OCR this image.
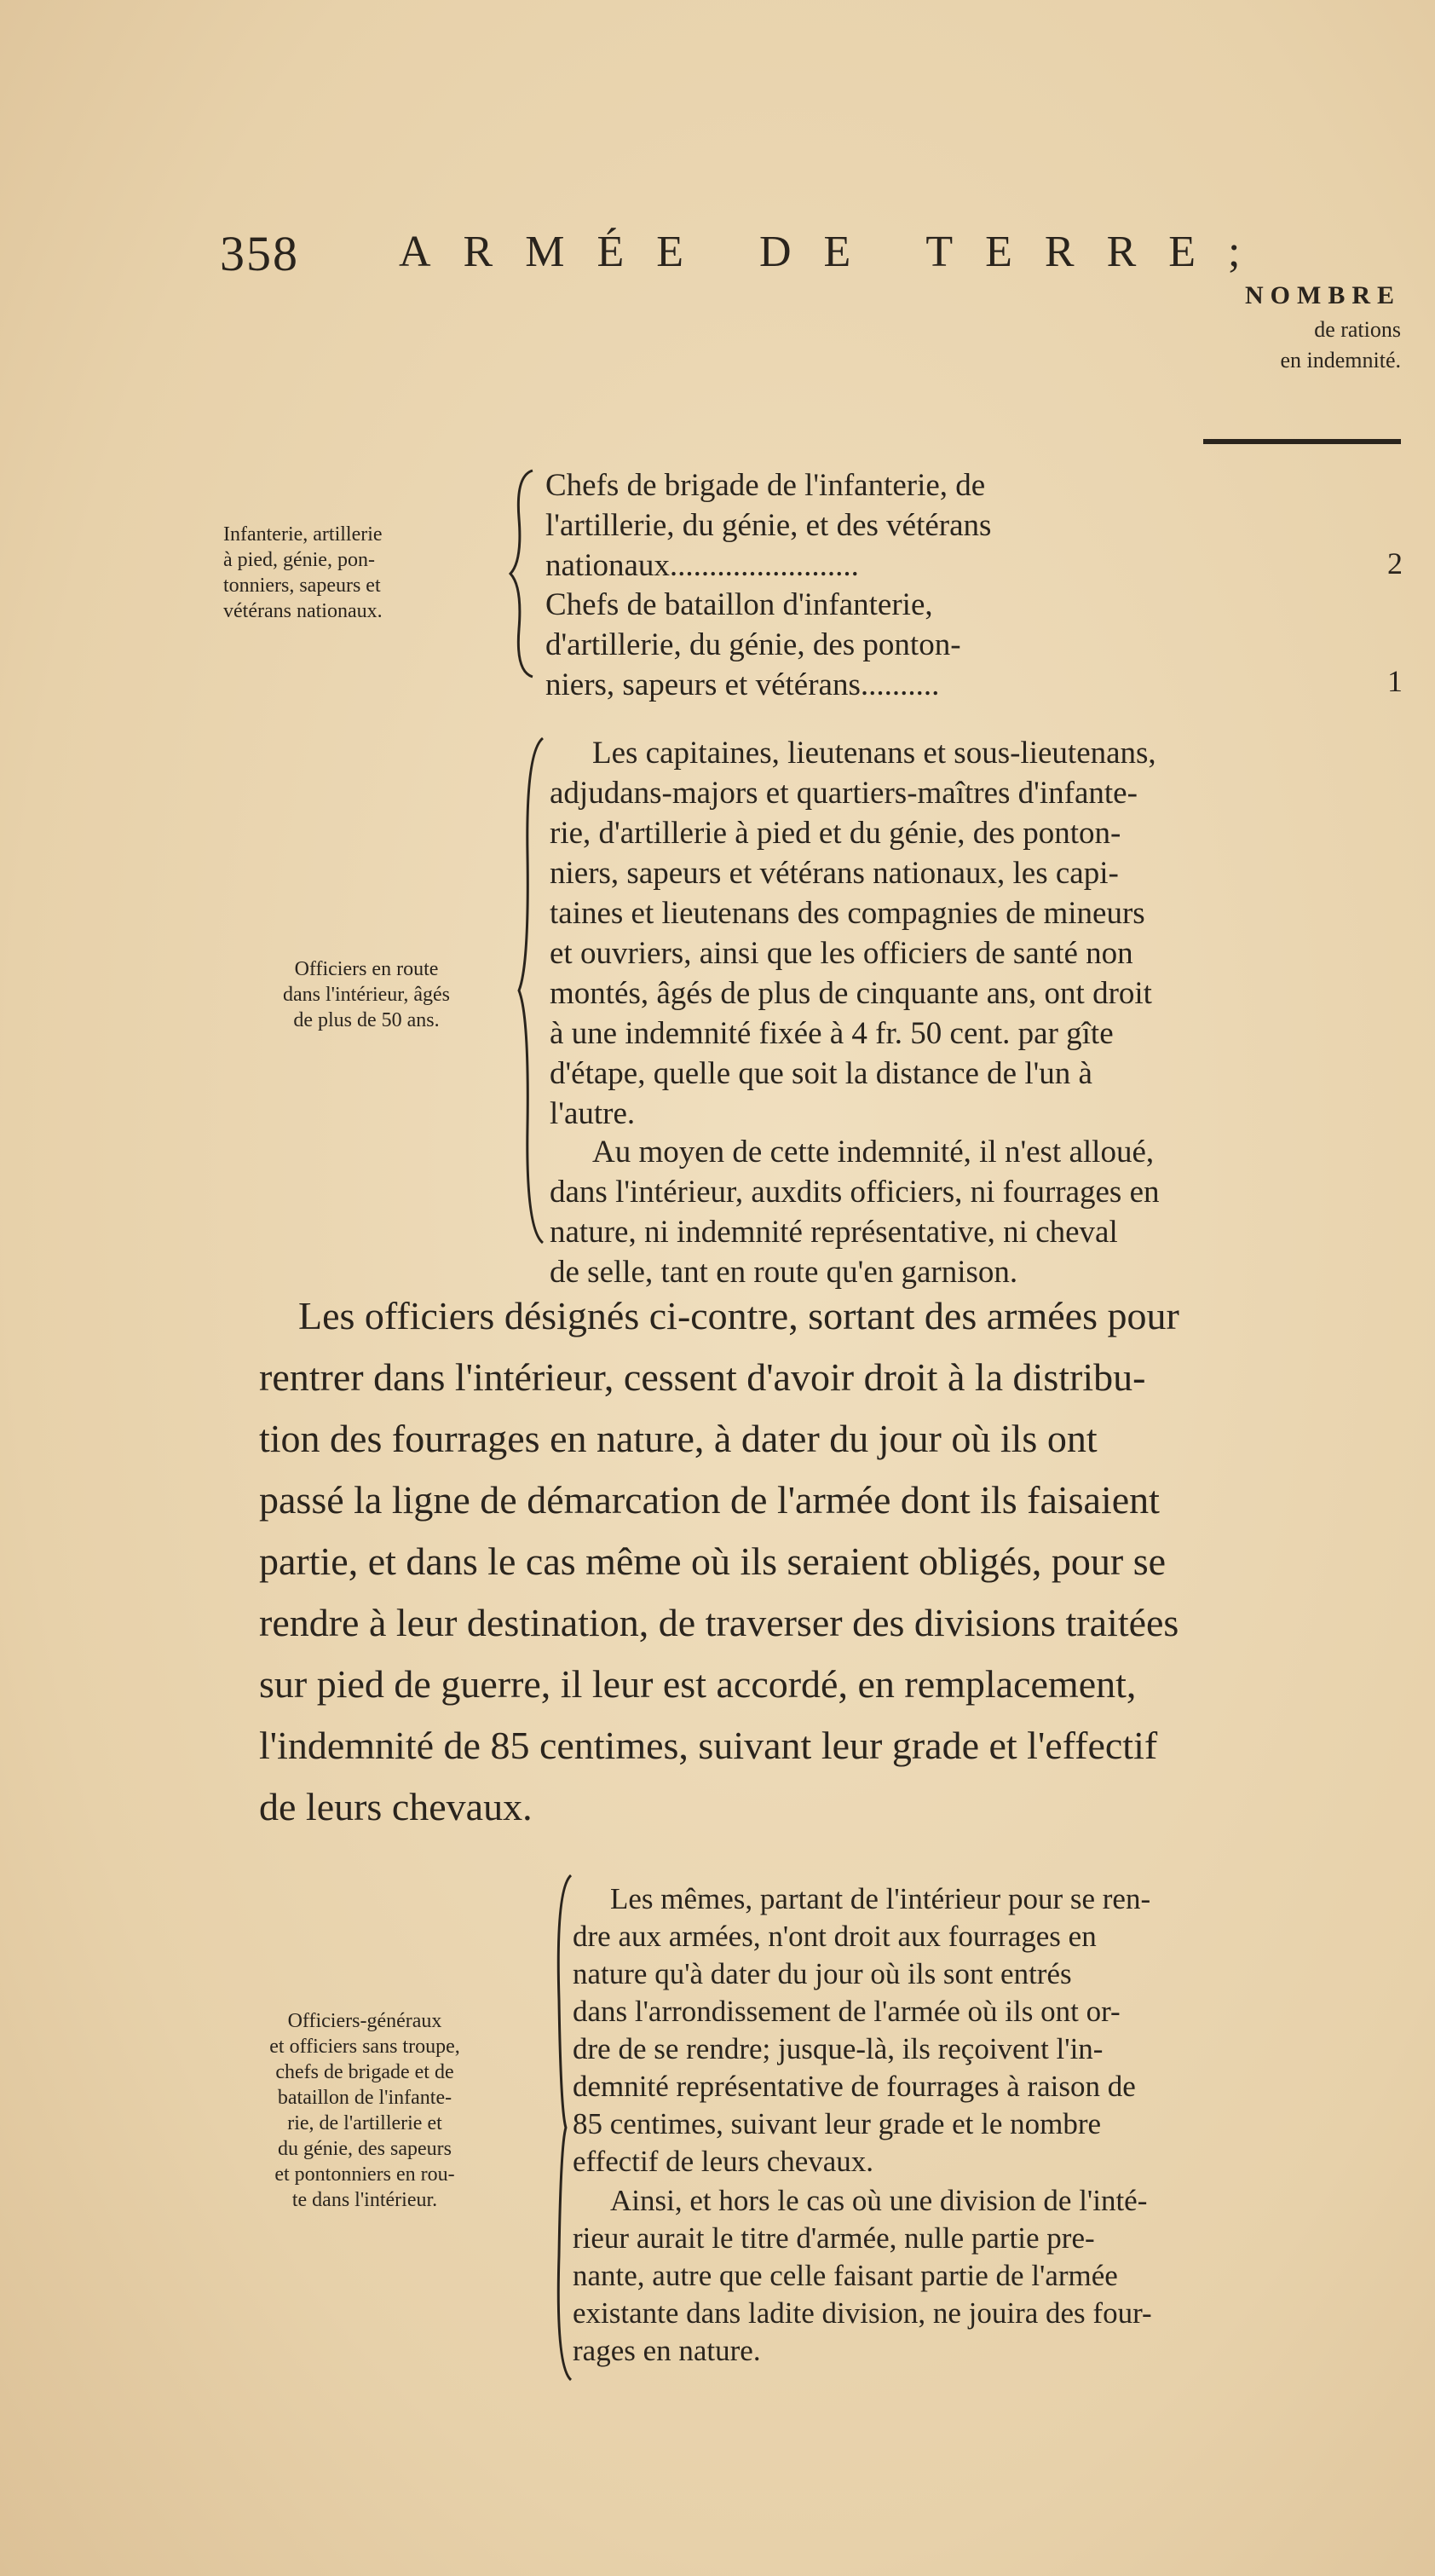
358 ARMÉE DE TERRE;
NOMBRE
de rations
en indemnité.
Infanterie, artillerie
à pied, génie, pon-
tonniers, sapeurs et
vétérans nationaux.
Chefs de brigade de l'infanterie, de
l'artillerie, du génie, et des vétérans
nationaux........................	2
Chefs de bataillon d'infanterie,
d'artillerie, du génie, des ponton-
niers, sapeurs et vétérans..........	1
Officiers en route
dans l'intérieur, âgés
de plus de 50 ans.
Les capitaines, lieutenans et sous-lieutenans,
adjudans-majors et quartiers-maîtres d'infante-
rie, d'artillerie à pied et du génie, des ponton-
niers, sapeurs et vétérans nationaux, les capi-
taines et lieutenans des compagnies de mineurs
et ouvriers, ainsi que les officiers de santé non
montés, âgés de plus de cinquante ans, ont droit
à une indemnité fixée à 4 fr. 50 cent. par gîte
d'étape, quelle que soit la distance de l'un à
l'autre.
Au moyen de cette indemnité, il n'est alloué,
dans l'intérieur, auxdits officiers, ni fourrages en
nature, ni indemnité représentative, ni cheval
de selle, tant en route qu'en garnison.
Les officiers désignés ci-contre, sortant des armées pour
rentrer dans l'intérieur, cessent d'avoir droit à la distribu-
tion des fourrages en nature, à dater du jour où ils ont
passé la ligne de démarcation de l'armée dont ils faisaient
partie, et dans le cas même où ils seraient obligés, pour se
rendre à leur destination, de traverser des divisions traitées
sur pied de guerre, il leur est accordé, en remplacement,
l'indemnité de 85 centimes, suivant leur grade et l'effectif
de leurs chevaux.
Officiers-généraux
et officiers sans troupe,
chefs de brigade et de
bataillon de l'infante-
rie, de l'artillerie et
du génie, des sapeurs
et pontonniers en rou-
te dans l'intérieur.
Les mêmes, partant de l'intérieur pour se ren-
dre aux armées, n'ont droit aux fourrages en
nature qu'à dater du jour où ils sont entrés
dans l'arrondissement de l'armée où ils ont or-
dre de se rendre; jusque-là, ils reçoivent l'in-
demnité représentative de fourrages à raison de
85 centimes, suivant leur grade et le nombre
effectif de leurs chevaux.
Ainsi, et hors le cas où une division de l'inté-
rieur aurait le titre d'armée, nulle partie pre-
nante, autre que celle faisant partie de l'armée
existante dans ladite division, ne jouira des four-
rages en nature.
